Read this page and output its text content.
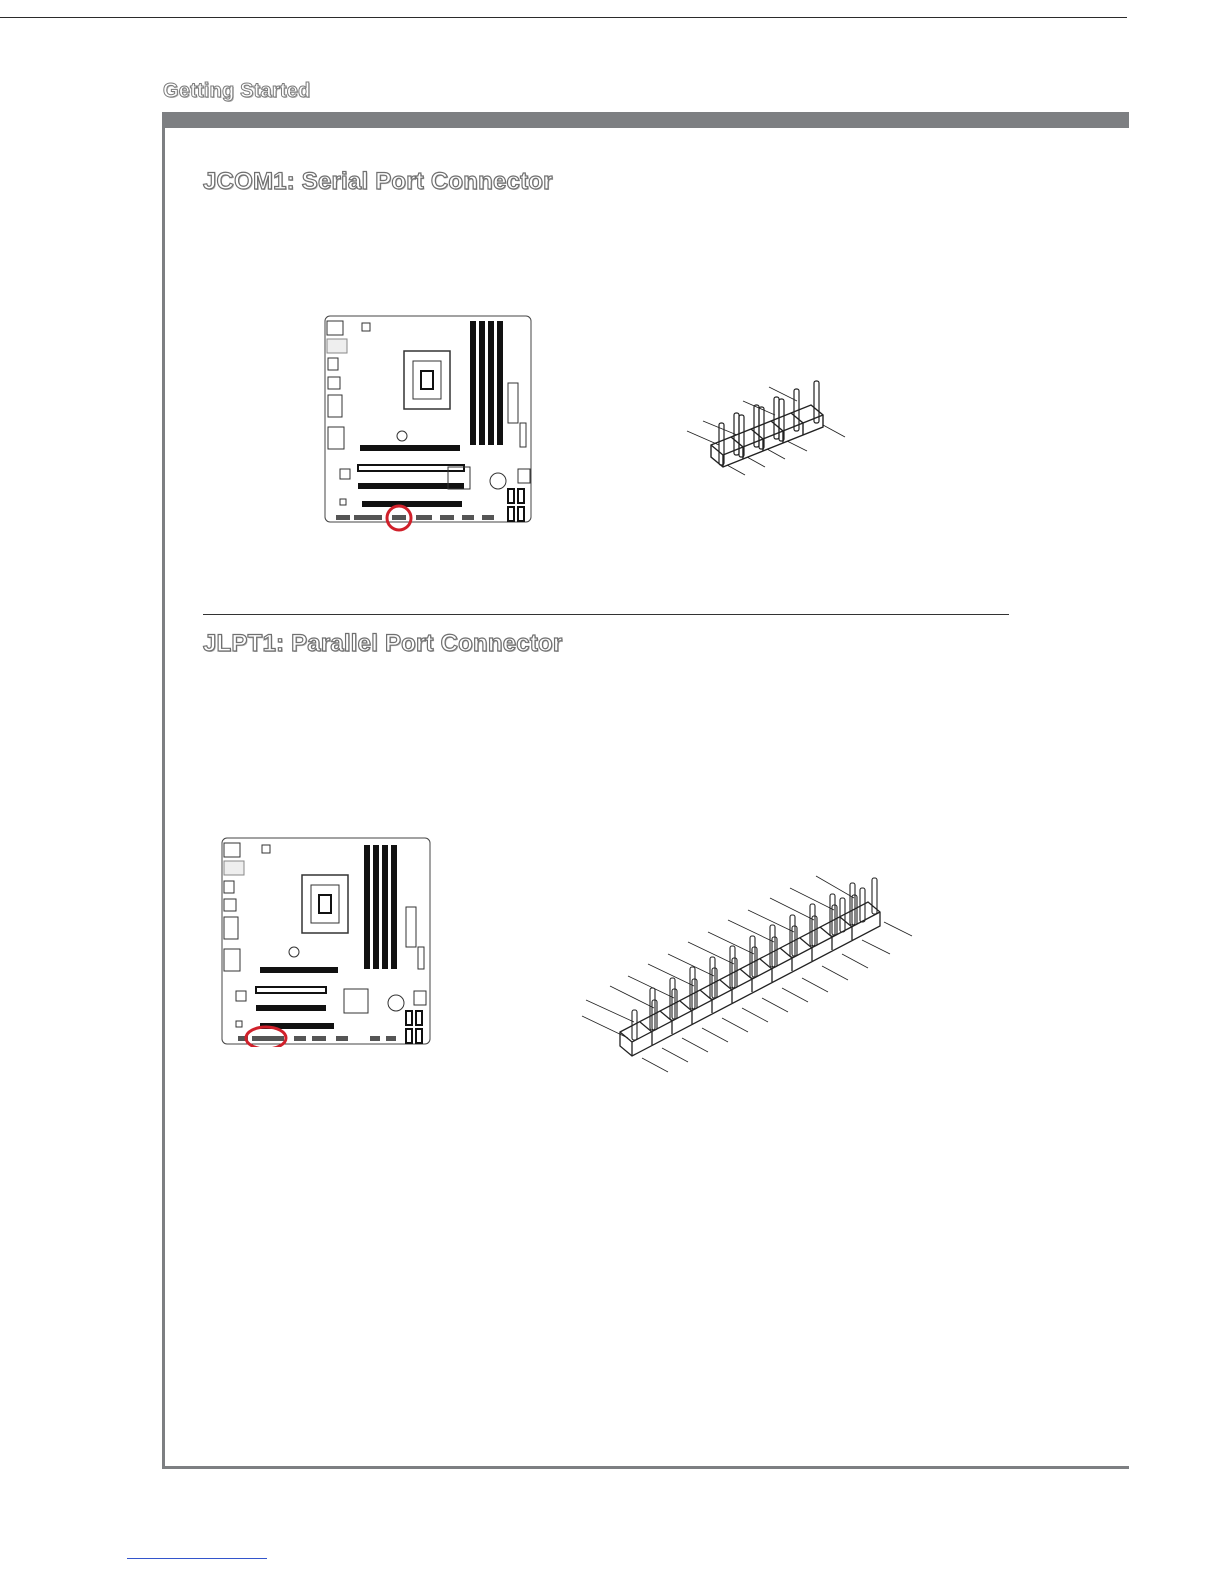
Getting Started
JCOM1: Serial Port Connector
JLPT1: Parallel Port Connector
